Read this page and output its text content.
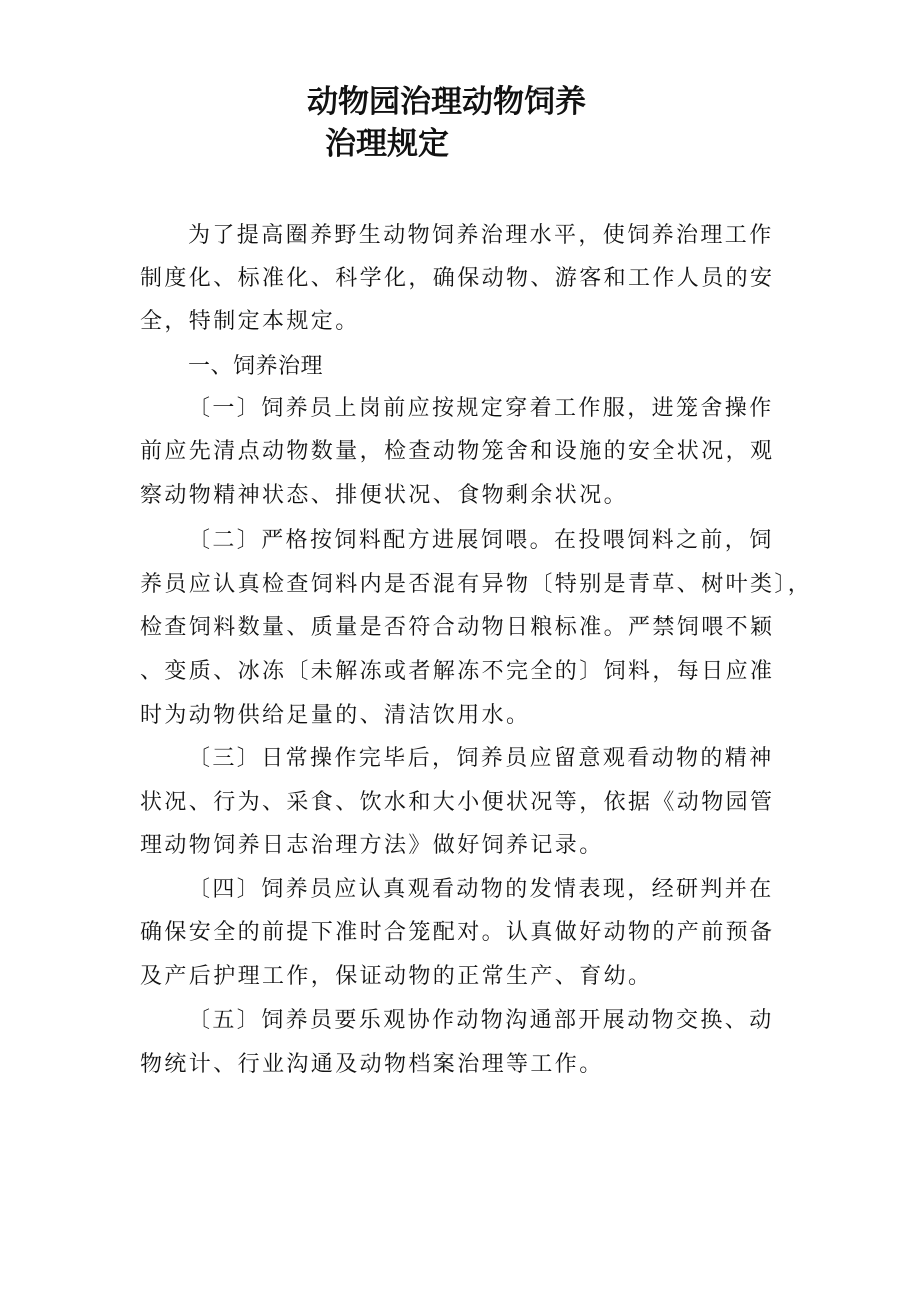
动物园治理动物饲养
治理规定
为了提高圈养野生动物饲养治理水平，使饲养治理工作
制度化、标准化、科学化，确保动物、游客和工作人员的安
全，特制定本规定。
一、饲养治理
〔一〕饲养员上岗前应按规定穿着工作服，进笼舍操作
前应先清点动物数量，检查动物笼舍和设施的安全状况，观
察动物精神状态、排便状况、食物剩余状况。
〔二〕严格按饲料配方进展饲喂。在投喂饲料之前，饲
养员应认真检查饲料内是否混有异物〔特别是青草、树叶类〕，
检查饲料数量、质量是否符合动物日粮标准。严禁饲喂不颖
、变质、冰冻〔未解冻或者解冻不完全的〕饲料，每日应准
时为动物供给足量的、清洁饮用水。
〔三〕日常操作完毕后，饲养员应留意观看动物的精神
状况、行为、采食、饮水和大小便状况等，依据《动物园管
理动物饲养日志治理方法》做好饲养记录。
〔四〕饲养员应认真观看动物的发情表现，经研判并在
确保安全的前提下准时合笼配对。认真做好动物的产前预备
及产后护理工作，保证动物的正常生产、育幼。
〔五〕饲养员要乐观协作动物沟通部开展动物交换、动
物统计、行业沟通及动物档案治理等工作。
